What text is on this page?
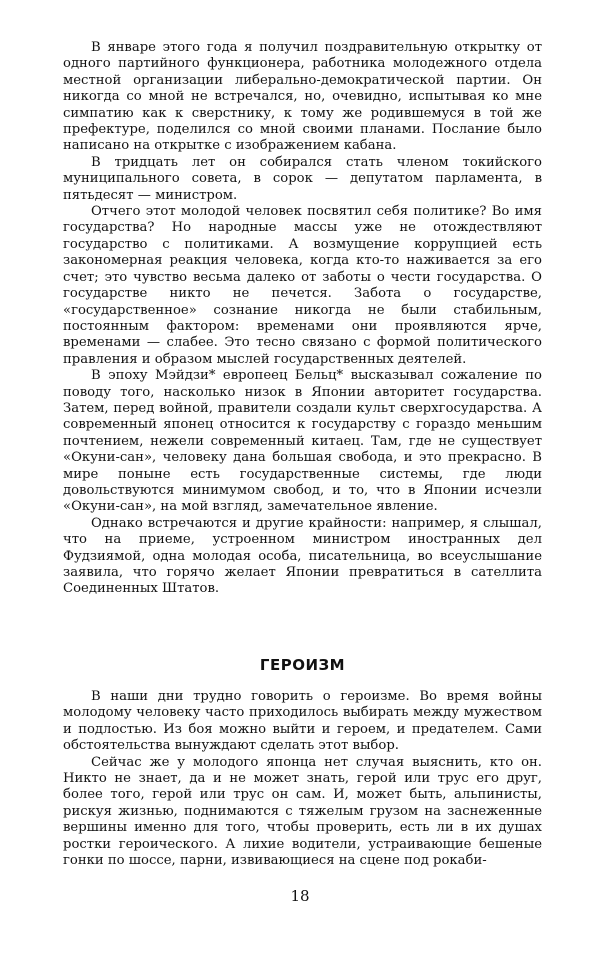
В январе этого года я получил поздравительную открытку от одного партийного функционера, работника молодежного отдела местной организации либерально-демократической партии. Он никогда со мной не встречался, но, очевидно, испытывая ко мне симпатию как к сверстнику, к тому же родившемуся в той же префектуре, поделился со мной своими планами. Послание было написано на открытке с изображением кабана.

В тридцать лет он собирался стать членом токийского муниципального совета, в сорок — депутатом парламента, в пятьдесят — министром.

Отчего этот молодой человек посвятил себя политике? Во имя государства? Но народные массы уже не отождествляют государство с политиками. А возмущение коррупцией есть закономерная реакция человека, когда кто-то наживается за его счет; это чувство весьма далеко от заботы о чести государства. О государстве никто не печется. Забота о государстве, «государственное» сознание никогда не были стабильным, постоянным фактором: временами они проявляются ярче, временами — слабее. Это тесно связано с формой политического правления и образом мыслей государственных деятелей.

В эпоху Мэйдзи* европеец Бельц* высказывал сожаление по поводу того, насколько низок в Японии авторитет государства. Затем, перед войной, правители создали культ сверхгосударства. А современный японец относится к государству с гораздо меньшим почтением, нежели современный китаец. Там, где не существует «Окуни-сан», человеку дана большая свобода, и это прекрасно. В мире поныне есть государственные системы, где люди довольствуются минимумом свобод, и то, что в Японии исчезли «Окуни-сан», на мой взгляд, замечательное явление.

Однако встречаются и другие крайности: например, я слышал, что на приеме, устроенном министром иностранных дел Фудзиямой, одна молодая особа, писательница, во всеуслышание заявила, что горячо желает Японии превратиться в сателлита Соединенных Штатов.

ГЕРОИЗМ

В наши дни трудно говорить о героизме. Во время войны молодому человеку часто приходилось выбирать между мужеством и подлостью. Из боя можно выйти и героем, и предателем. Сами обстоятельства вынуждают сделать этот выбор.

Сейчас же у молодого японца нет случая выяснить, кто он. Никто не знает, да и не может знать, герой или трус его друг, более того, герой или трус он сам. И, может быть, альпинисты, рискуя жизнью, поднимаются с тяжелым грузом на заснеженные вершины именно для того, чтобы проверить, есть ли в их душах ростки героического. А лихие водители, устраивающие бешеные гонки по шоссе, парни, извивающиеся на сцене под рокаби-

18
